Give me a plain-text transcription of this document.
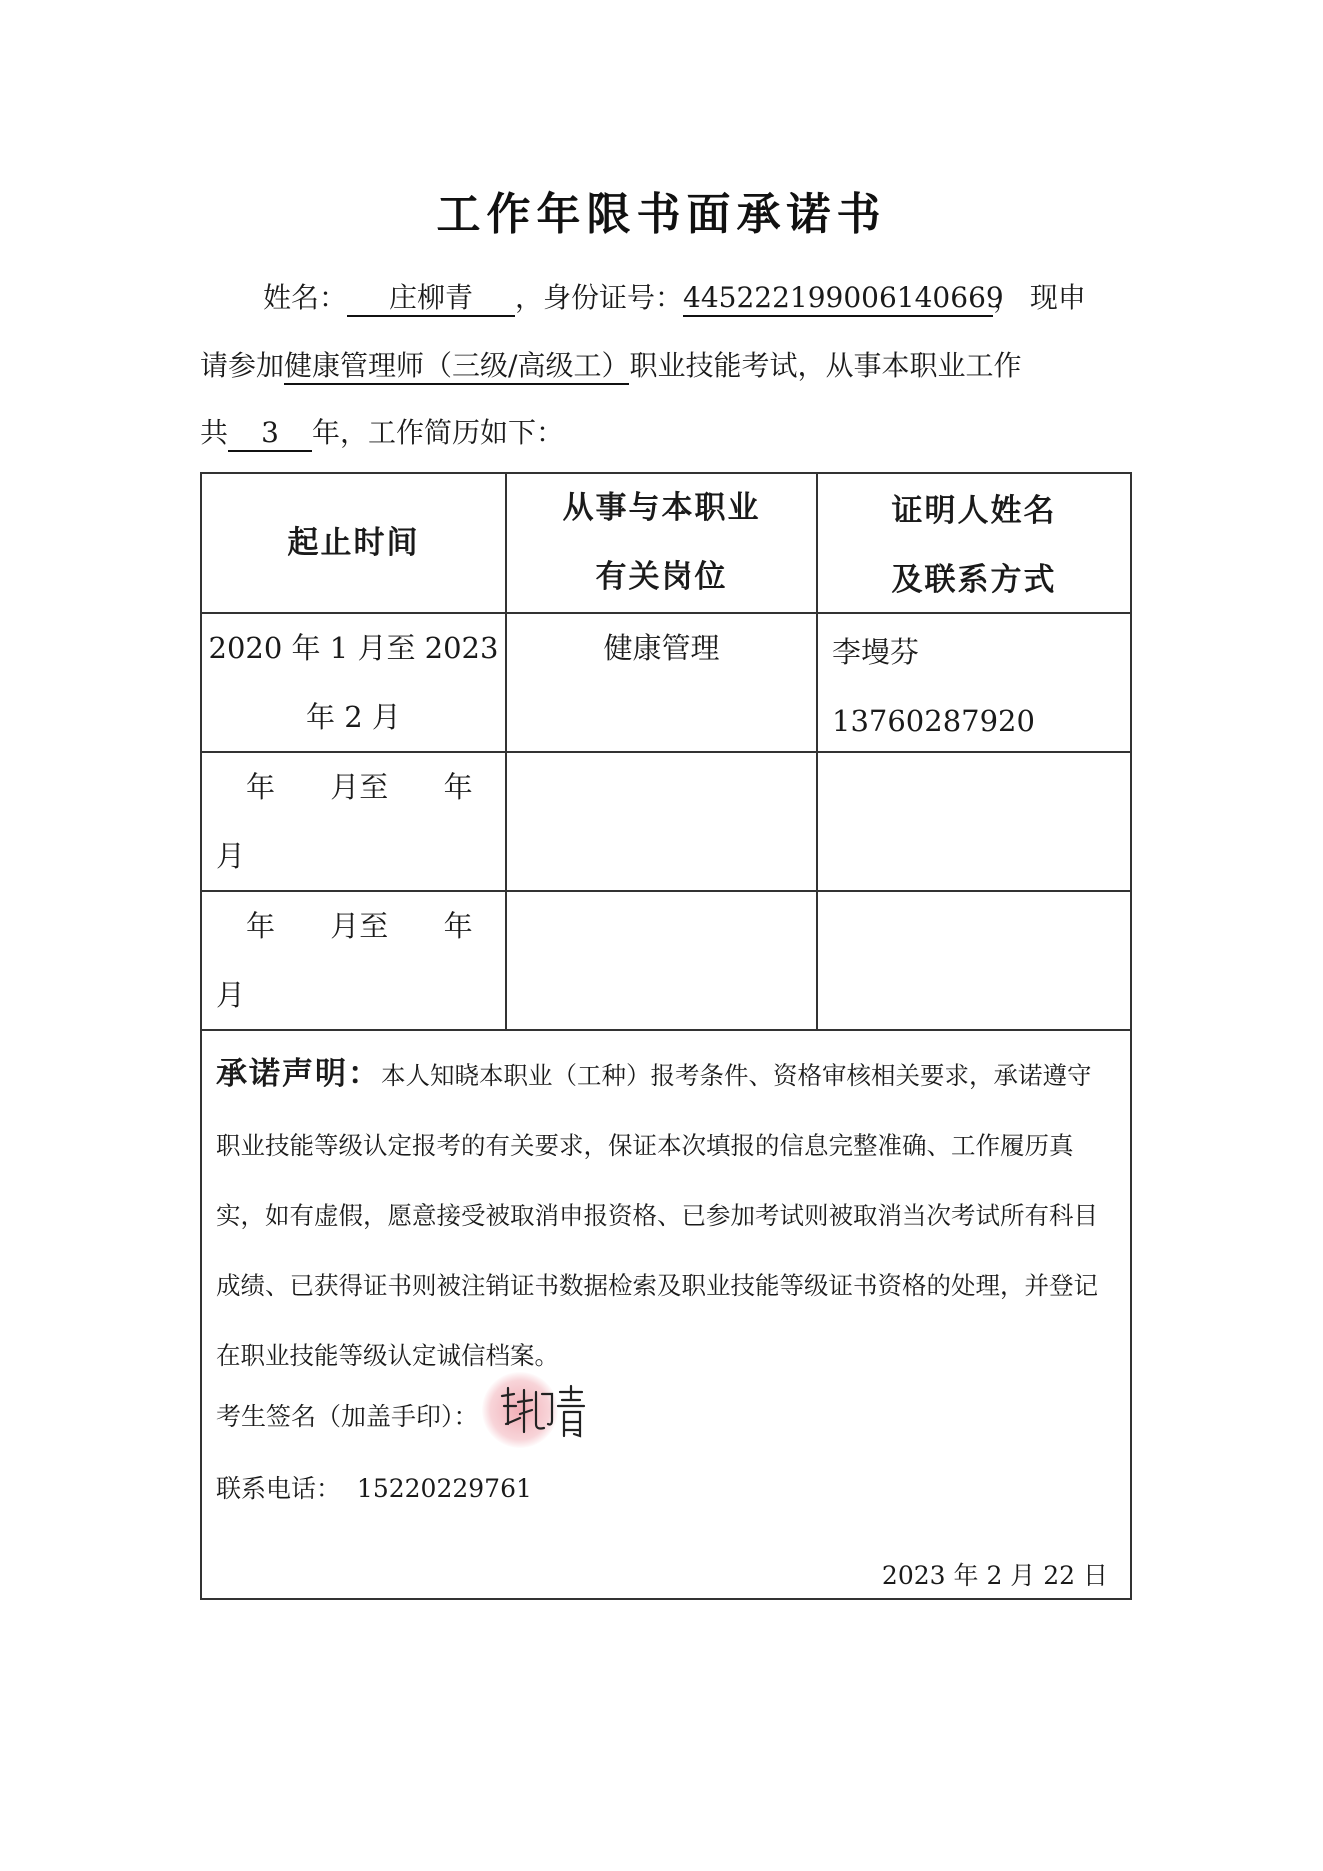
工作年限书面承诺书
姓名： 庄柳青 ，身份证号：445222199006140669， 现申
请参加健康管理师（三级/高级工）职业技能考试，从事本职业工作
共 3 年，工作简历如下：
起止时间
从事与本职业
有关岗位
证明人姓名
及联系方式
2020 年 1 月至 2023
年 2 月
健康管理	李墁芬 13760287920
年      月至      年
月
年      月至      年
月
承诺声明：本人知晓本职业（工种）报考条件、资格审核相关要求，承诺遵守职业技能等级认定报考的有关要求，保证本次填报的信息完整准确、工作履历真实，如有虚假，愿意接受被取消申报资格、已参加考试则被取消当次考试所有科目成绩、已获得证书则被注销证书数据检索及职业技能等级证书资格的处理，并登记在职业技能等级认定诚信档案。
考生签名（加盖手印）：
联系电话： 15220229761
2023 年 2 月 22 日
